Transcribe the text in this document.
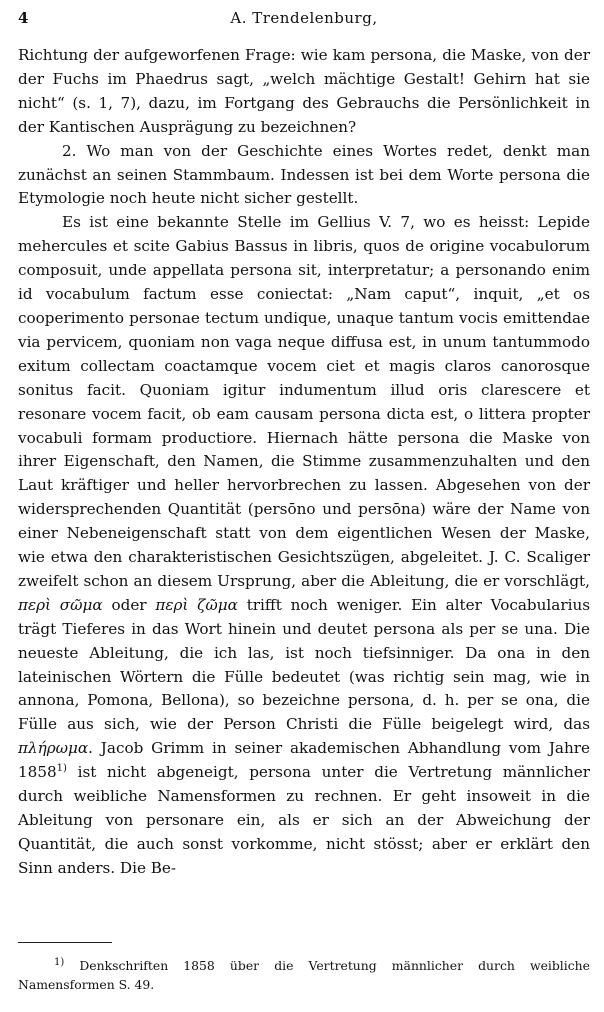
4	A. Trendelenburg,

Richtung der aufgeworfenen Frage: wie kam persona, die Maske, von der der Fuchs im Phaedrus sagt, „welch mächtige Gestalt! Gehirn hat sie nicht“ (s. 1, 7), dazu, im Fortgang des Gebrauchs die Persönlichkeit in der Kantischen Ausprägung zu bezeichnen?

2. Wo man von der Geschichte eines Wortes redet, denkt man zunächst an seinen Stammbaum. Indessen ist bei dem Worte persona die Etymologie noch heute nicht sicher gestellt.

Es ist eine bekannte Stelle im Gellius V. 7, wo es heisst: Lepide mehercules et scite Gabius Bassus in libris, quos de origine vocabulorum composuit, unde appellata persona sit, interpretatur; a personando enim id vocabulum factum esse coniectat: „Nam caput“, inquit, „et os cooperimento personae tectum undique, unaque tantum vocis emittendae via pervicem, quoniam non vaga neque diffusa est, in unum tantummodo exitum collectam coactamque vocem ciet et magis claros canorosque sonitus facit. Quoniam igitur indumentum illud oris clarescere et resonare vocem facit, ob eam causam persona dicta est, o littera propter vocabuli formam productiore. Hiernach hätte persona die Maske von ihrer Eigenschaft, den Namen, die Stimme zusammenzuhalten und den Laut kräftiger und heller hervorbrechen zu lassen. Abgesehen von der widersprechenden Quantität (persōno und persōna) wäre der Name von einer Nebeneigenschaft statt von dem eigentlichen Wesen der Maske, wie etwa den charakteristischen Gesichtszügen, abgeleitet. J. C. Scaliger zweifelt schon an diesem Ursprung, aber die Ableitung, die er vorschlägt, περὶ σῶμα oder περὶ ζῶμα trifft noch weniger. Ein alter Vocabularius trägt Tieferes in das Wort hinein und deutet persona als per se una. Die neueste Ableitung, die ich las, ist noch tiefsinniger. Da ona in den lateinischen Wörtern die Fülle bedeutet (was richtig sein mag, wie in annona, Pomona, Bellona), so bezeichne persona, d. h. per se ona, die Fülle aus sich, wie der Person Christi die Fülle beigelegt wird, das πλήρωμα. Jacob Grimm in seiner akademischen Abhandlung vom Jahre 1858$^{1)}$ ist nicht abgeneigt, persona unter die Vertretung männlicher durch weibliche Namensformen zu rechnen. Er geht insoweit in die Ableitung von personare ein, als er sich an der Abweichung der Quantität, die auch sonst vorkomme, nicht stösst; aber er erklärt den Sinn anders. Die Be-

$^{1)}$ Denkschriften 1858 über die Vertretung männlicher durch weibliche Namensformen S. 49.
